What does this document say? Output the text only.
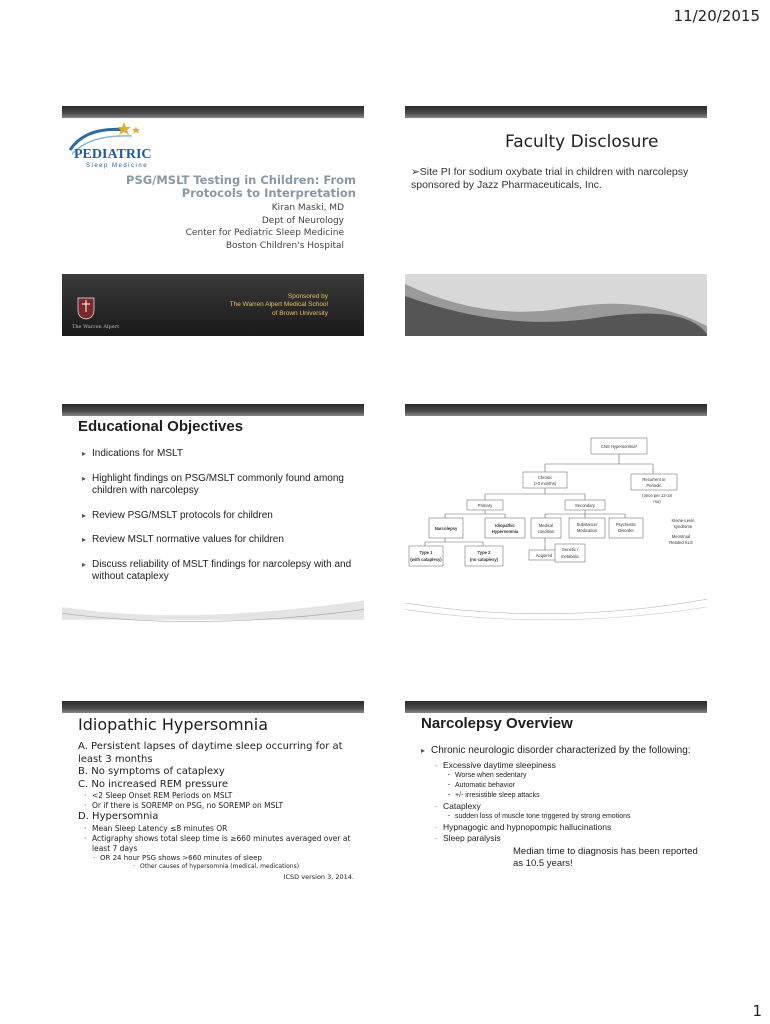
11/20/2015
PEDIATRIC
Sleep Medicine
PSG/MSLT Testing in Children: From
Protocols to Interpretation
Kiran Maski, MD
Dept of Neurology
Center for Pediatric Sleep Medicine
Boston Children's Hospital
The Warren Alpert
Sponsored by
The Warren Alpert Medical School
of Brown University
Faculty Disclosure
➢Site PI for sodium oxybate trial in children with narcolepsy sponsored by Jazz Pharmaceuticals, Inc.
Educational Objectives
▸ Indications for MSLT
▸ Highlight findings on PSG/MSLT commonly found among children with narcolepsy
▸ Review PSG/MSLT protocols for children
▸ Review MSLT normative values for children
▸ Discuss reliability of MSLT findings for narcolepsy with and without cataplexy
CNS Hypersomnia*
Chronic
(>3 months)
Recurrent or
Periodic
(once per 12-18
mo)
Primary	Secondary
Narcolepsy
Idiopathic
Hypersomnia
Medical
condition
Substance/
Medication
Psychiatric
Disorder
Kleine-Levin
syndrome
Menstrual
Related KLS
Type 1
(with cataplexy)
Type 2
(no cataplexy)
Acquired
Genetic /
metabolic
Idiopathic Hypersomnia
A. Persistent lapses of daytime sleep occurring for at least 3 months
B. No symptoms of cataplexy
C. No increased REM pressure
· <2 Sleep Onset REM Periods on MSLT
· Or if there is SOREMP on PSG, no SOREMP on MSLT
D. Hypersomnia
· Mean Sleep Latency ≤8 minutes OR
· Actigraphy shows total sleep time is ≥660 minutes averaged over at least 7 days
· OR 24 hour PSG shows >660 minutes of sleep
· Other causes of hypersomnia (medical, medications)
ICSD version 3, 2014.
Narcolepsy Overview
▸ Chronic neurologic disorder characterized by the following:
- Excessive daytime sleepiness
· Worse when sedentary
· Automatic behavior
· +/- irresistible sleep attacks
- Cataplexy
· sudden loss of muscle tone triggered by strong emotions
- Hypnagogic and hypnopompic hallucinations
- Sleep paralysis
Median time to diagnosis has been reported as 10.5 years!
1
